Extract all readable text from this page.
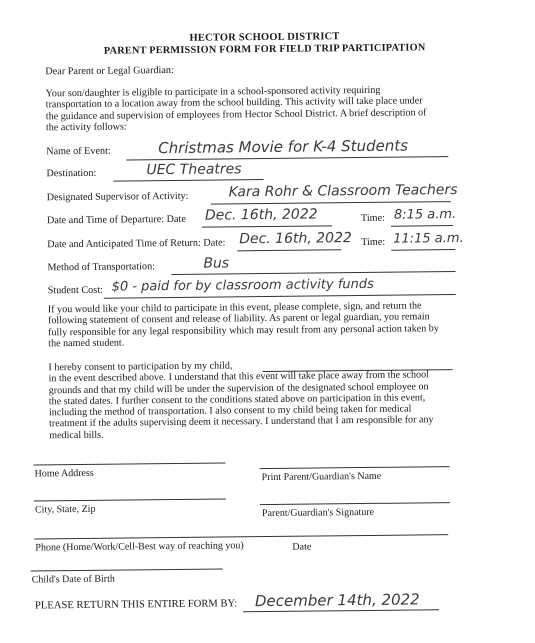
HECTOR SCHOOL DISTRICT
PARENT PERMISSION FORM FOR FIELD TRIP PARTICIPATION
Dear Parent or Legal Guardian:
Your son/daughter is eligible to participate in a school-sponsored activity requiring
transportation to a location away from the school building. This activity will take place under
the guidance and supervision of employees from Hector School District. A brief description of
the activity follows:
Name of Event:	Christmas Movie for K-4 Students
Destination:	UEC Theatres
Designated Supervisor of Activity:	Kara Rohr & Classroom Teachers
Date and Time of Departure: Date Dec. 16th, 2022	Time: 8:15 a.m.
Date and Anticipated Time of Return: Date: Dec. 16th, 2022 Time: 11:15 a.m.
Method of Transportation:	Bus
Student Cost: $0 - paid for by classroom activity funds
If you would like your child to participate in this event, please complete, sign, and return the
following statement of consent and release of liability. As parent or legal guardian, you remain
fully responsible for any legal responsibility which may result from any personal action taken by
the named student.
I hereby consent to participation by my child,
in the event described above. I understand that this event will take place away from the school
grounds and that my child will be under the supervision of the designated school employee on
the stated dates. I further consent to the conditions stated above on participation in this event,
including the method of transportation. I also consent to my child being taken for medical
treatment if the adults supervising deem it necessary. I understand that I am responsible for any
medical bills.
Home Address	Print Parent/Guardian's Name
City, State, Zip	Parent/Guardian's Signature
Phone (Home/Work/Cell-Best way of reaching you)	Date
Child's Date of Birth
PLEASE RETURN THIS ENTIRE FORM BY: December 14th, 2022
